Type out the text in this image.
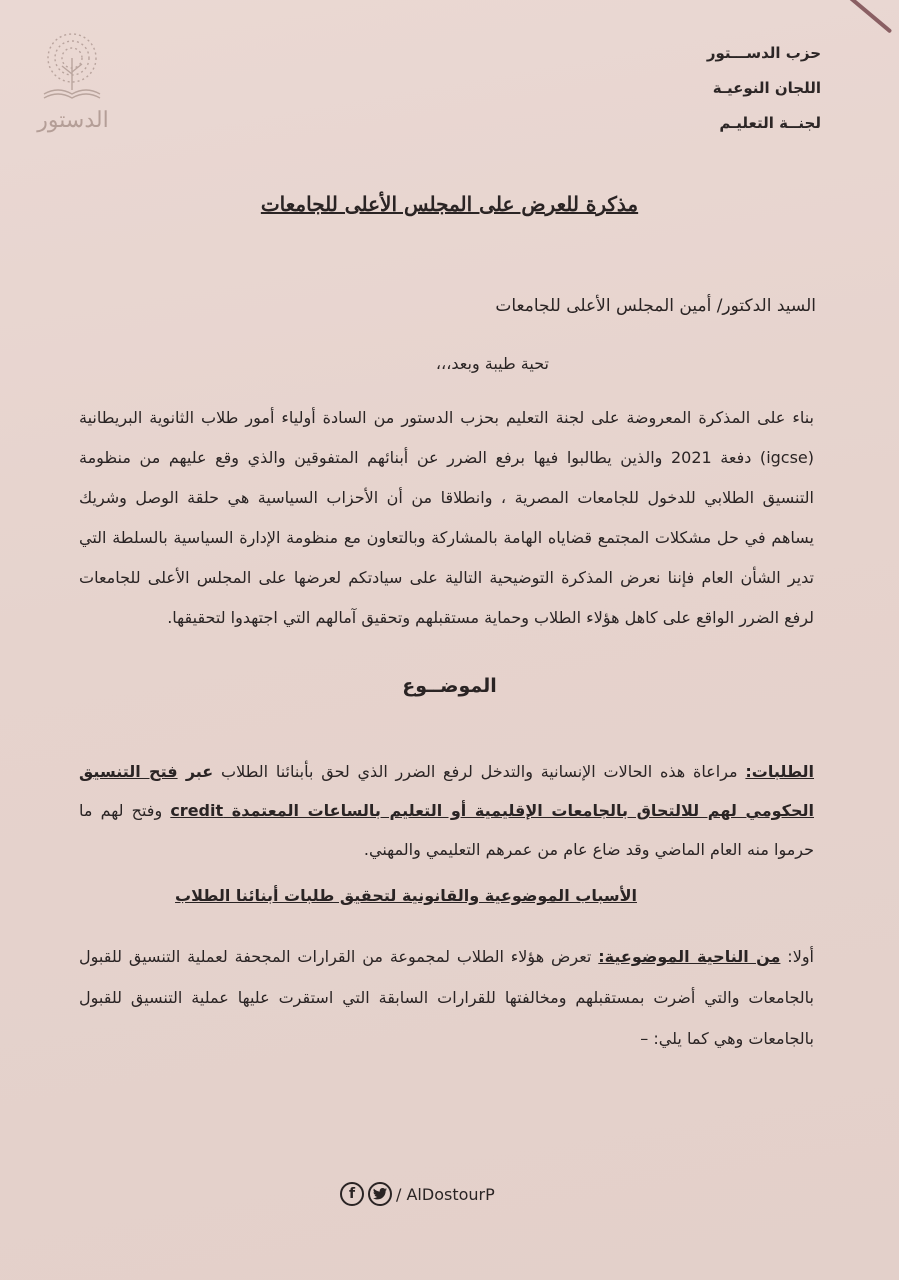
الدستور
حزب الدســـتور
اللجان النوعيـة
لجنــة التعليـم
مذكرة للعرض على المجلس الأعلى للجامعات
السيد الدكتور/ أمين المجلس الأعلى للجامعات
تحية طيبة وبعد،،،
بناء على المذكرة المعروضة على لجنة التعليم بحزب الدستور من السادة أولياء أمور طلاب الثانوية البريطانية (igcse) دفعة 2021 والذين يطالبوا فيها برفع الضرر عن أبنائهم المتفوقين والذي وقع عليهم من منظومة التنسيق الطلابي للدخول للجامعات المصرية ، وانطلاقا من أن الأحزاب السياسية هي حلقة الوصل وشريك يساهم في حل مشكلات المجتمع قضاياه الهامة بالمشاركة وبالتعاون مع منظومة الإدارة السياسية بالسلطة التي تدير الشأن العام فإننا نعرض المذكرة التوضيحية التالية على سيادتكم لعرضها على المجلس الأعلى للجامعات لرفع الضرر الواقع على كاهل هؤلاء الطلاب وحماية مستقبلهم وتحقيق آمالهم التي اجتهدوا لتحقيقها.
الموضــوع
الطلبات: مراعاة هذه الحالات الإنسانية والتدخل لرفع الضرر الذي لحق بأبنائنا الطلاب عبر فتح التنسيق الحكومي لهم للالتحاق بالجامعات الإقليمية أو التعليم بالساعات المعتمدة credit وفتح لهم ما حرموا منه العام الماضي وقد ضاع عام من عمرهم التعليمي والمهني.
الأسباب الموضوعية والقانونية لتحقيق طلبات أبنائنا الطلاب
أولا: من الناحية الموضوعية: تعرض هؤلاء الطلاب لمجموعة من القرارات المجحفة لعملية التنسيق للقبول بالجامعات والتي أضرت بمستقبلهم ومخالفتها للقرارات السابقة التي استقرت عليها عملية التنسيق للقبول بالجامعات وهي كما يلي: –
f	/ AlDostourP
